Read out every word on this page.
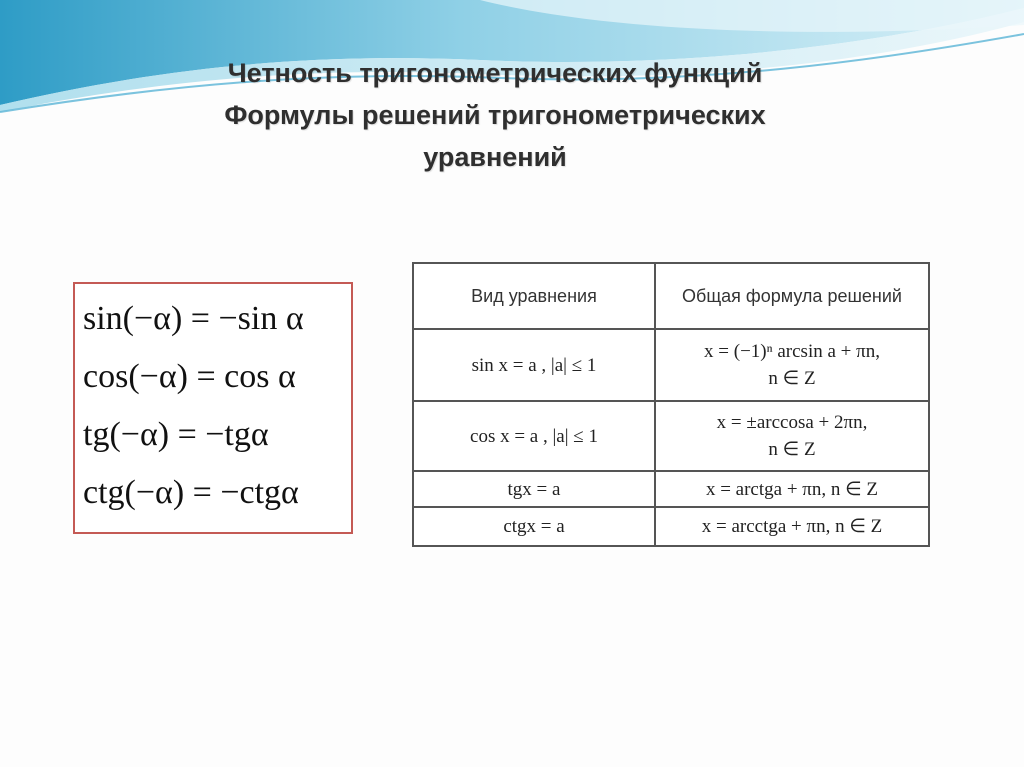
Четность тригонометрических функций
Формулы решений тригонометрических
уравнений
sin(−α) = −sin α
cos(−α) = cos α
tg(−α) = −tgα
ctg(−α) = −ctgα
Вид уравнения	Общая формула решений
sin x = a , |a| ≤ 1	x = (−1)ⁿ arcsin a + πn,
n ∈ Z

cos x = a , |a| ≤ 1	x = ±arccosa + 2πn,
n ∈ Z

tgx = a	x = arctga + πn, n ∈ Z
ctgx = a	x = arcctga + πn, n ∈ Z
